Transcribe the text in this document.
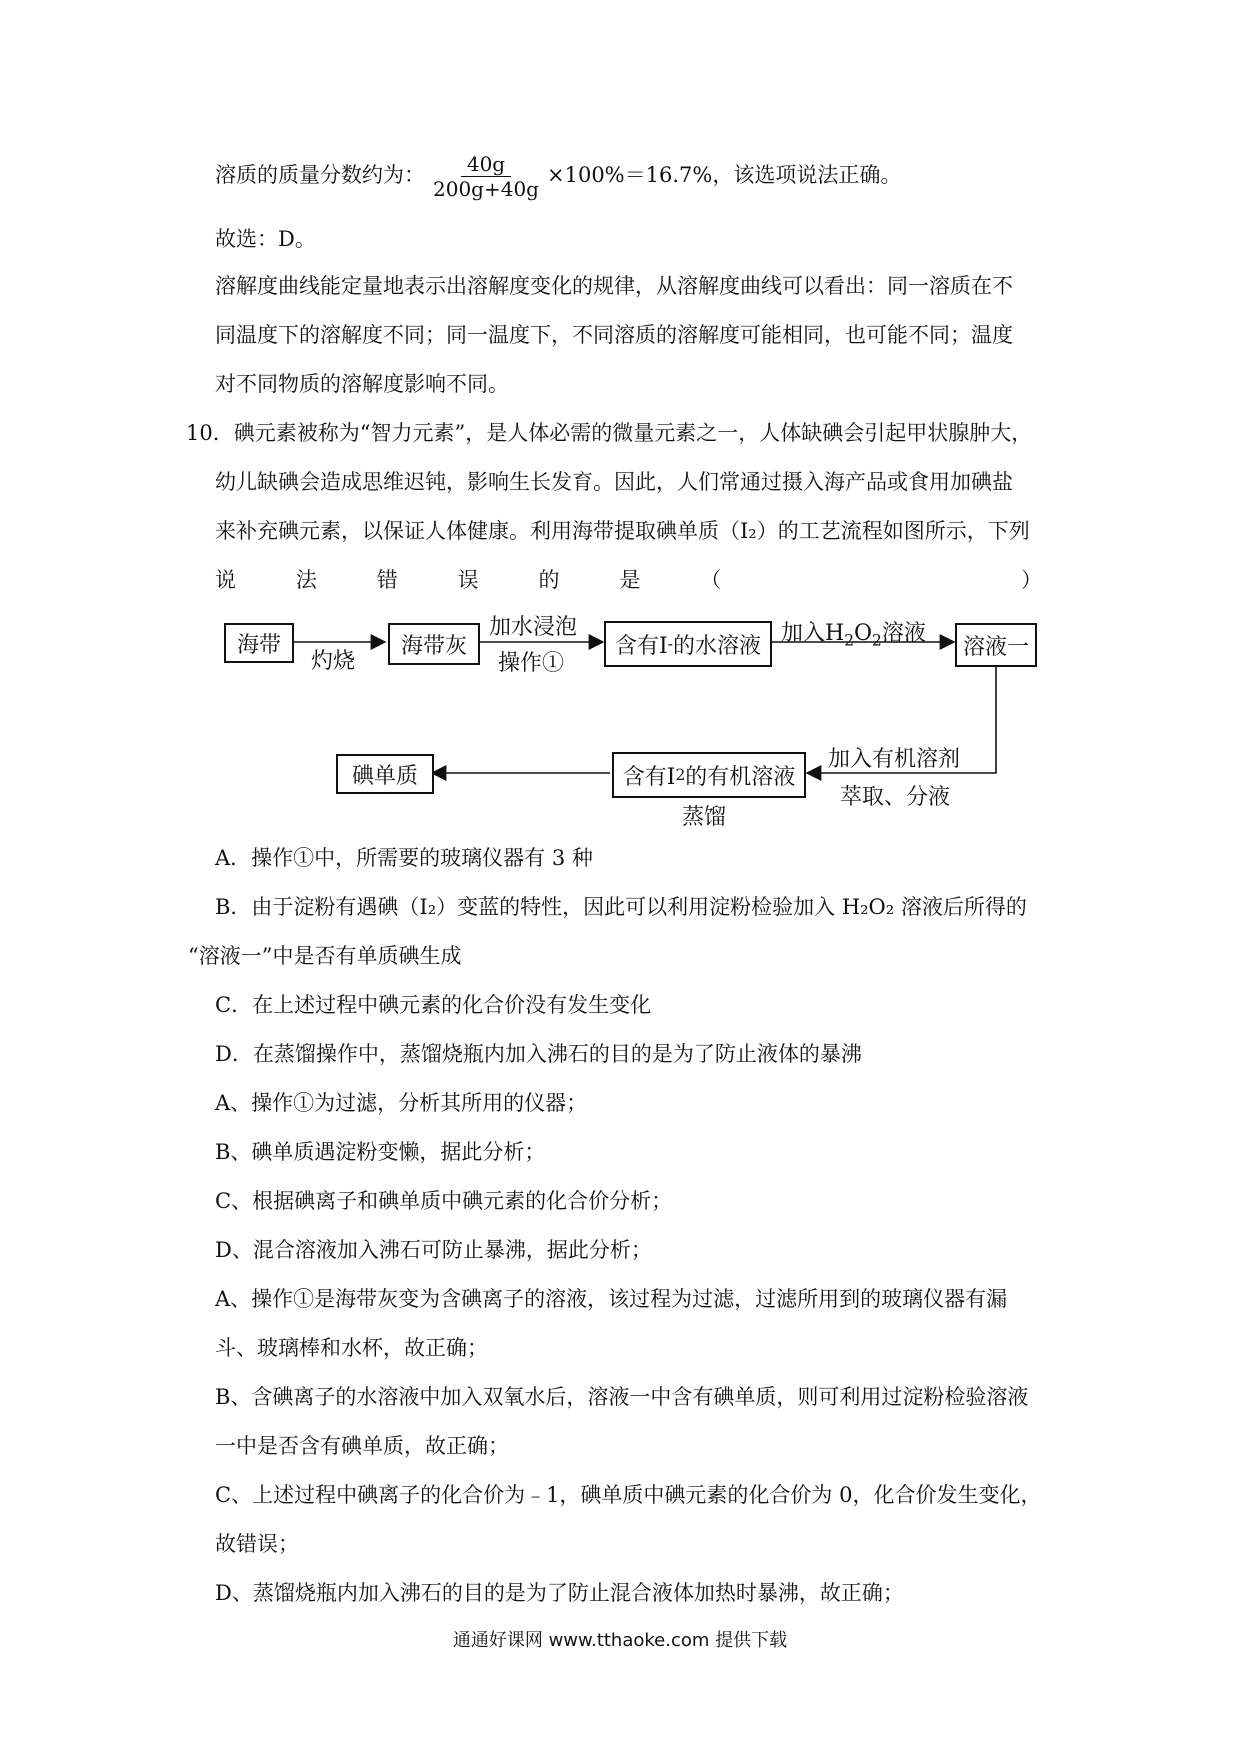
溶质的质量分数约为： $\frac{40g}{200g+40g} \times 100\%=16.7\%$，该选项说法正确。
故选：D。
溶解度曲线能定量地表示出溶解度变化的规律，从溶解度曲线可以看出：同一溶质在不
同温度下的溶解度不同；同一温度下，不同溶质的溶解度可能相同，也可能不同；温度
对不同物质的溶解度影响不同。
10．碘元素被称为“智力元素”，是人体必需的微量元素之一，人体缺碘会引起甲状腺肿大，
幼儿缺碘会造成思维迟钝，影响生长发育。因此，人们常通过摄入海产品或食用加碘盐
来补充碘元素，以保证人体健康。利用海带提取碘单质（I₂）的工艺流程如图所示，下列
说	法	错	误	的	是	（	）
海带	海带灰	含有I - 的水溶液	溶液一
含有I 2 的有机溶液
碘单质
灼烧
加水浸泡
操作①
加入$H_2O_2$溶液
加入有机溶剂
萃取、分液
蒸馏
A．操作①中，所需要的玻璃仪器有 3 种
B．由于淀粉有遇碘（I₂）变蓝的特性，因此可以利用淀粉检验加入 H₂O₂ 溶液后所得的
“溶液一”中是否有单质碘生成
C．在上述过程中碘元素的化合价没有发生变化
D．在蒸馏操作中，蒸馏烧瓶内加入沸石的目的是为了防止液体的暴沸
A、操作①为过滤，分析其所用的仪器；
B、碘单质遇淀粉变懒，据此分析；
C、根据碘离子和碘单质中碘元素的化合价分析；
D、混合溶液加入沸石可防止暴沸，据此分析；
A、操作①是海带灰变为含碘离子的溶液，该过程为过滤，过滤所用到的玻璃仪器有漏
斗、玻璃棒和水杯，故正确；
B、含碘离子的水溶液中加入双氧水后，溶液一中含有碘单质，则可利用过淀粉检验溶液
一中是否含有碘单质，故正确；
C、上述过程中碘离子的化合价为﹣1，碘单质中碘元素的化合价为 0，化合价发生变化，
故错误；
D、蒸馏烧瓶内加入沸石的目的是为了防止混合液体加热时暴沸，故正确；
通通好课网 www.tthaoke.com 提供下载
